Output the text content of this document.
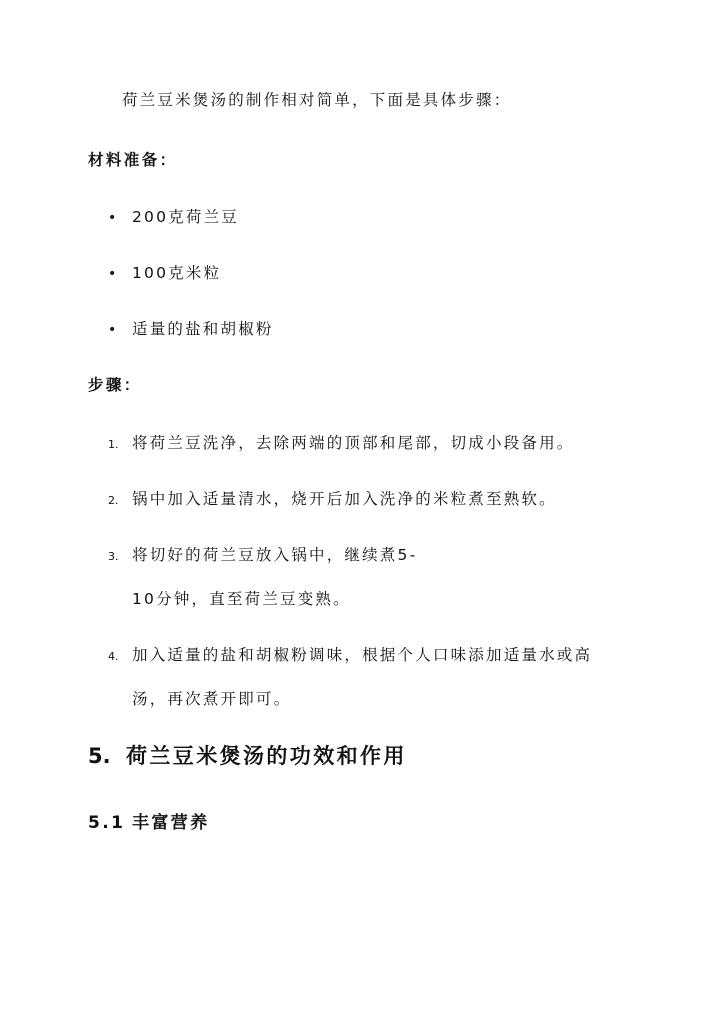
荷兰豆米煲汤的制作相对简单，下面是具体步骤：
材料准备：
• 200克荷兰豆
• 100克米粒
• 适量的盐和胡椒粉
步骤：
1. 将荷兰豆洗净，去除两端的顶部和尾部，切成小段备用。
2. 锅中加入适量清水，烧开后加入洗净的米粒煮至熟软。
3. 将切好的荷兰豆放入锅中，继续煮5-
10分钟，直至荷兰豆变熟。
4. 加入适量的盐和胡椒粉调味，根据个人口味添加适量水或高
汤，再次煮开即可。
5. 荷兰豆米煲汤的功效和作用
5.1 丰富营养
